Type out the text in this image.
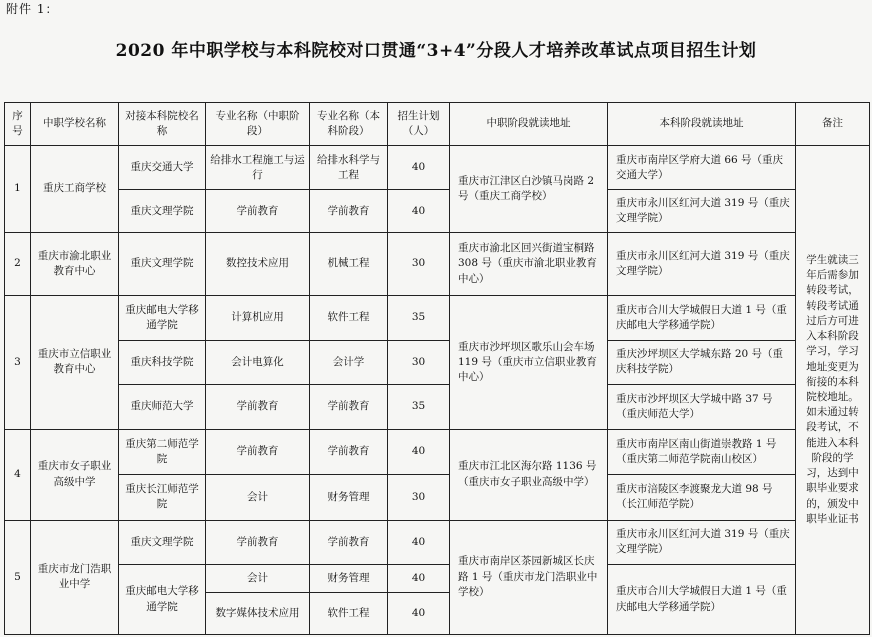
附件 1：
2020 年中职学校与本科院校对口贯通“3+4”分段人才培养改革试点项目招生计划
序号	中职学校名称	对接本科院校名称	专业名称（中职阶段）	专业名称（本科阶段）	招生计划（人）	中职阶段就读地址	本科阶段就读地址	备注
1	重庆工商学校	重庆交通大学	给排水工程施工与运行	给排水科学与工程	40	重庆市江津区白沙镇马岗路 2 号（重庆工商学校）	重庆市南岸区学府大道 66 号（重庆交通大学）	学生就读三年后需参加转段考试，转段考试通过后方可进入本科阶段学习，学习地址变更为衔接的本科院校地址。如未通过转段考试，不能进入本科阶段的学习，达到中职毕业要求的，颁发中职毕业证书
		重庆文理学院	学前教育	学前教育	40		重庆市永川区红河大道 319 号（重庆文理学院）	
2	重庆市渝北职业教育中心	重庆文理学院	数控技术应用	机械工程	30	重庆市渝北区回兴街道宝桐路 308 号（重庆市渝北职业教育中心）	重庆市永川区红河大道 319 号（重庆文理学院）	
3	重庆市立信职业教育中心	重庆邮电大学移通学院	计算机应用	软件工程	35	重庆市沙坪坝区歌乐山会车场 119 号（重庆市立信职业教育中心）	重庆市合川大学城假日大道 1 号（重庆邮电大学移通学院）	
		重庆科技学院	会计电算化	会计学	30		重庆沙坪坝区大学城东路 20 号（重庆科技学院）	
		重庆师范大学	学前教育	学前教育	35		重庆市沙坪坝区大学城中路 37 号（重庆师范大学）	
4	重庆市女子职业高级中学	重庆第二师范学院	学前教育	学前教育	40	重庆市江北区海尔路 1136 号（重庆市女子职业高级中学）	重庆市南岸区南山街道崇教路 1 号（重庆第二师范学院南山校区）	
		重庆长江师范学院	会计	财务管理	30		重庆市涪陵区李渡聚龙大道 98 号（长江师范学院）	
5	重庆市龙门浩职业中学	重庆文理学院	学前教育	学前教育	40	重庆市南岸区茶园新城区长庆路 1 号（重庆市龙门浩职业中学校）	重庆市永川区红河大道 319 号（重庆文理学院）	
		重庆邮电大学移通学院	会计	财务管理	40		重庆市合川大学城假日大道 1 号（重庆邮电大学移通学院）	
			数字媒体技术应用	软件工程	40			
